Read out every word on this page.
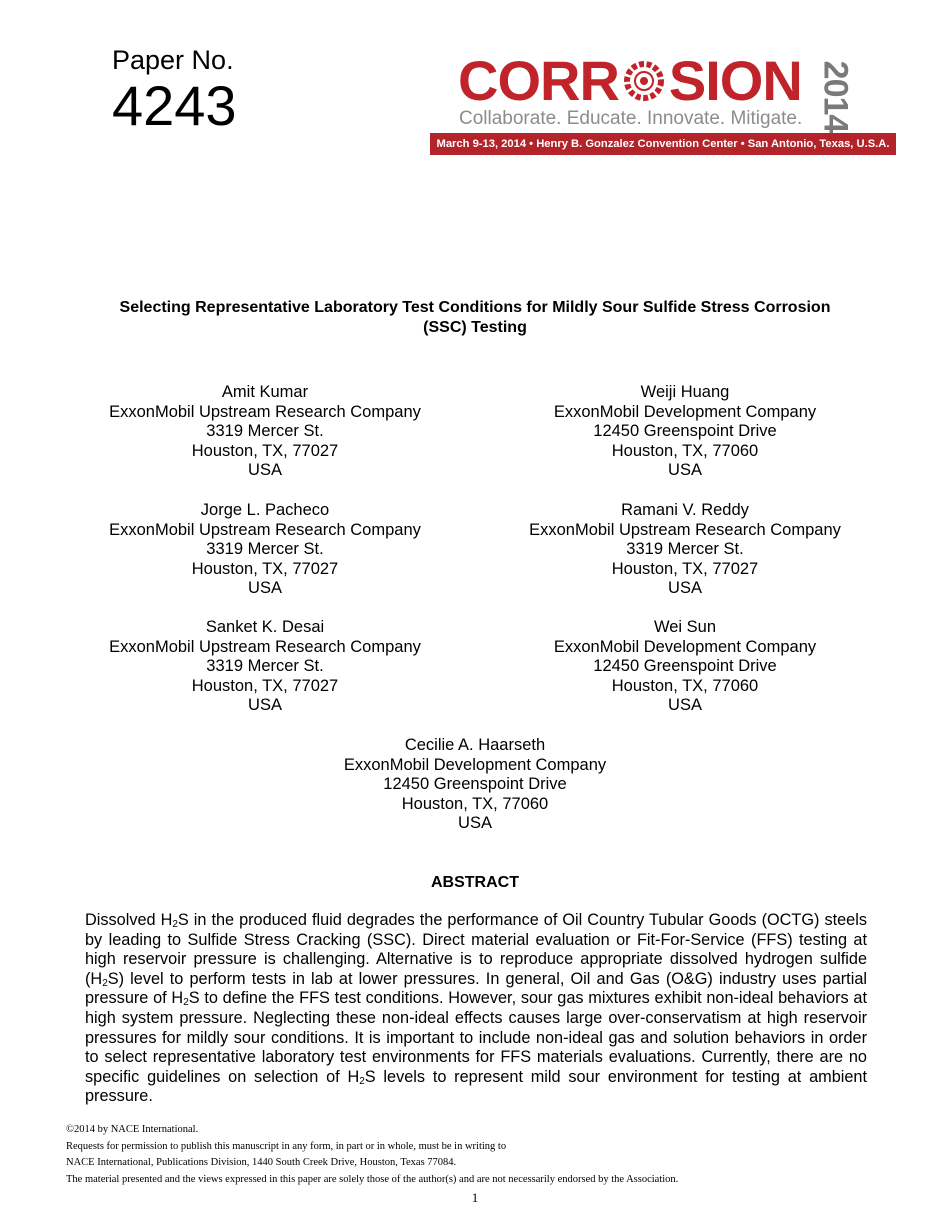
Paper No.
4243	CORR SION 2014
Collaborate. Educate. Innovate. Mitigate.
March 9-13, 2014 • Henry B. Gonzalez Convention Center • San Antonio, Texas, U.S.A.
Selecting Representative Laboratory Test Conditions for Mildly Sour Sulfide Stress Corrosion
(SSC) Testing
Amit Kumar
ExxonMobil Upstream Research Company
3319 Mercer St.
Houston, TX, 77027
USA
Weiji Huang
ExxonMobil Development Company
12450 Greenspoint Drive
Houston, TX, 77060
USA
Jorge L. Pacheco
ExxonMobil Upstream Research Company
3319 Mercer St.
Houston, TX, 77027
USA
Ramani V. Reddy
ExxonMobil Upstream Research Company
3319 Mercer St.
Houston, TX, 77027
USA
Sanket K. Desai
ExxonMobil Upstream Research Company
3319 Mercer St.
Houston, TX, 77027
USA
Wei Sun
ExxonMobil Development Company
12450 Greenspoint Drive
Houston, TX, 77060
USA
Cecilie A. Haarseth
ExxonMobil Development Company
12450 Greenspoint Drive
Houston, TX, 77060
USA
ABSTRACT

Dissolved $H_2S$ in the produced fluid degrades the performance of Oil Country Tubular Goods (OCTG) steels by leading to Sulfide Stress Cracking (SSC). Direct material evaluation or Fit-For-Service (FFS) testing at high reservoir pressure is challenging. Alternative is to reproduce appropriate dissolved hydrogen sulfide $(H_2S)$ level to perform tests in lab at lower pressures. In general, Oil and Gas (O&G) industry uses partial pressure of $H_2S$ to define the FFS test conditions. However, sour gas mixtures exhibit non-ideal behaviors at high system pressure. Neglecting these non-ideal effects causes large over-conservatism at high reservoir pressures for mildly sour conditions. It is important to include non-ideal gas and solution behaviors in order to select representative laboratory test environments for FFS materials evaluations. Currently, there are no specific guidelines on selection of $H_2S$ levels to represent mild sour environment for testing at ambient pressure.

©2014 by NACE International.
Requests for permission to publish this manuscript in any form, in part or in whole, must be in writing to
NACE International, Publications Division, 1440 South Creek Drive, Houston, Texas 77084.
The material presented and the views expressed in this paper are solely those of the author(s) and are not necessarily endorsed by the Association.
1
